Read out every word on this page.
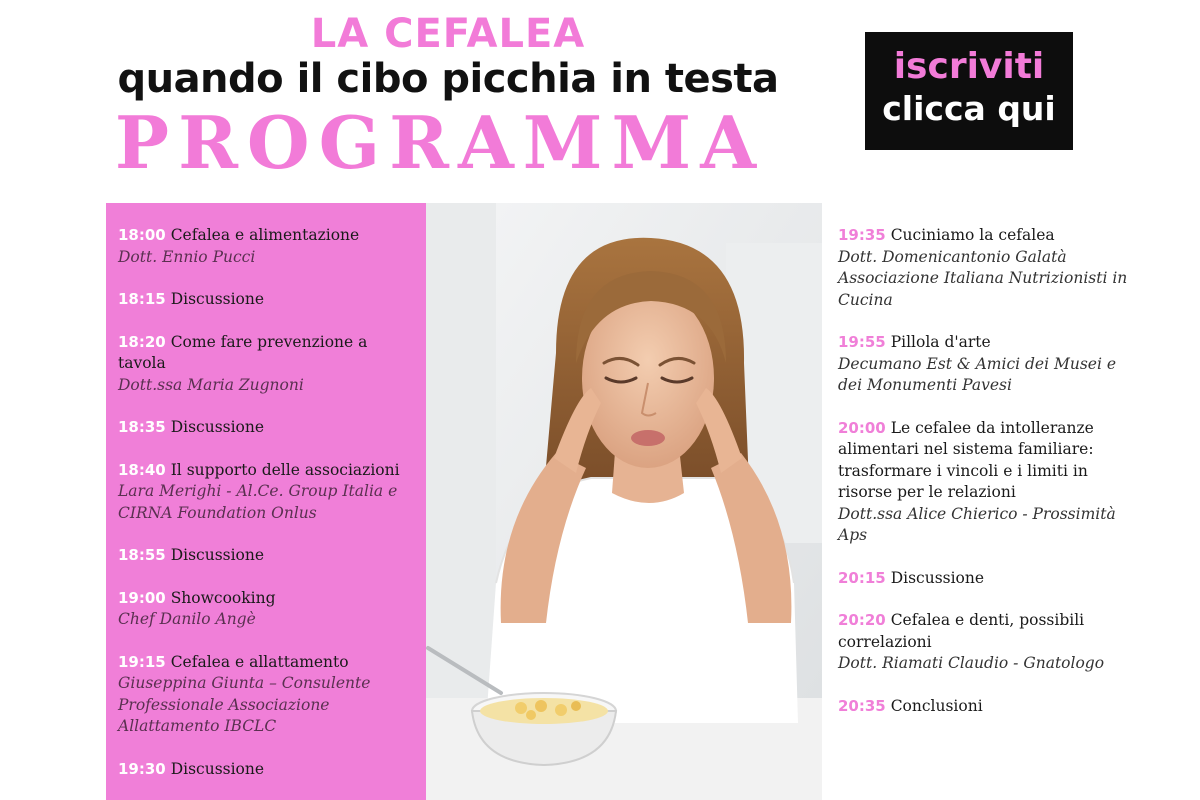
LA CEFALEA
quando il cibo picchia in testa
PROGRAMMA
iscriviti
clicca qui
18:00 Cefalea e alimentazione
Dott. Ennio Pucci
18:15 Discussione
18:20 Come fare prevenzione a tavola
Dott.ssa Maria Zugnoni
18:35 Discussione
18:40 Il supporto delle associazioni
Lara Merighi - Al.Ce. Group Italia e CIRNA Foundation Onlus
18:55 Discussione
19:00 Showcooking
Chef Danilo Angè
19:15 Cefalea e allattamento
Giuseppina Giunta – Consulente Professionale Associazione Allattamento IBCLC
19:30 Discussione
19:35 Cuciniamo la cefalea
Dott. Domenicantonio Galatà Associazione Italiana Nutrizionisti in Cucina
19:55 Pillola d'arte
Decumano Est & Amici dei Musei e dei Monumenti Pavesi
20:00 Le cefalee da intolleranze alimentari nel sistema familiare: trasformare i vincoli e i limiti in risorse per le relazioni
Dott.ssa Alice Chierico - Prossimità Aps
20:15 Discussione
20:20 Cefalea e denti, possibili correlazioni
Dott. Riamati Claudio - Gnatologo
20:35 Conclusioni
